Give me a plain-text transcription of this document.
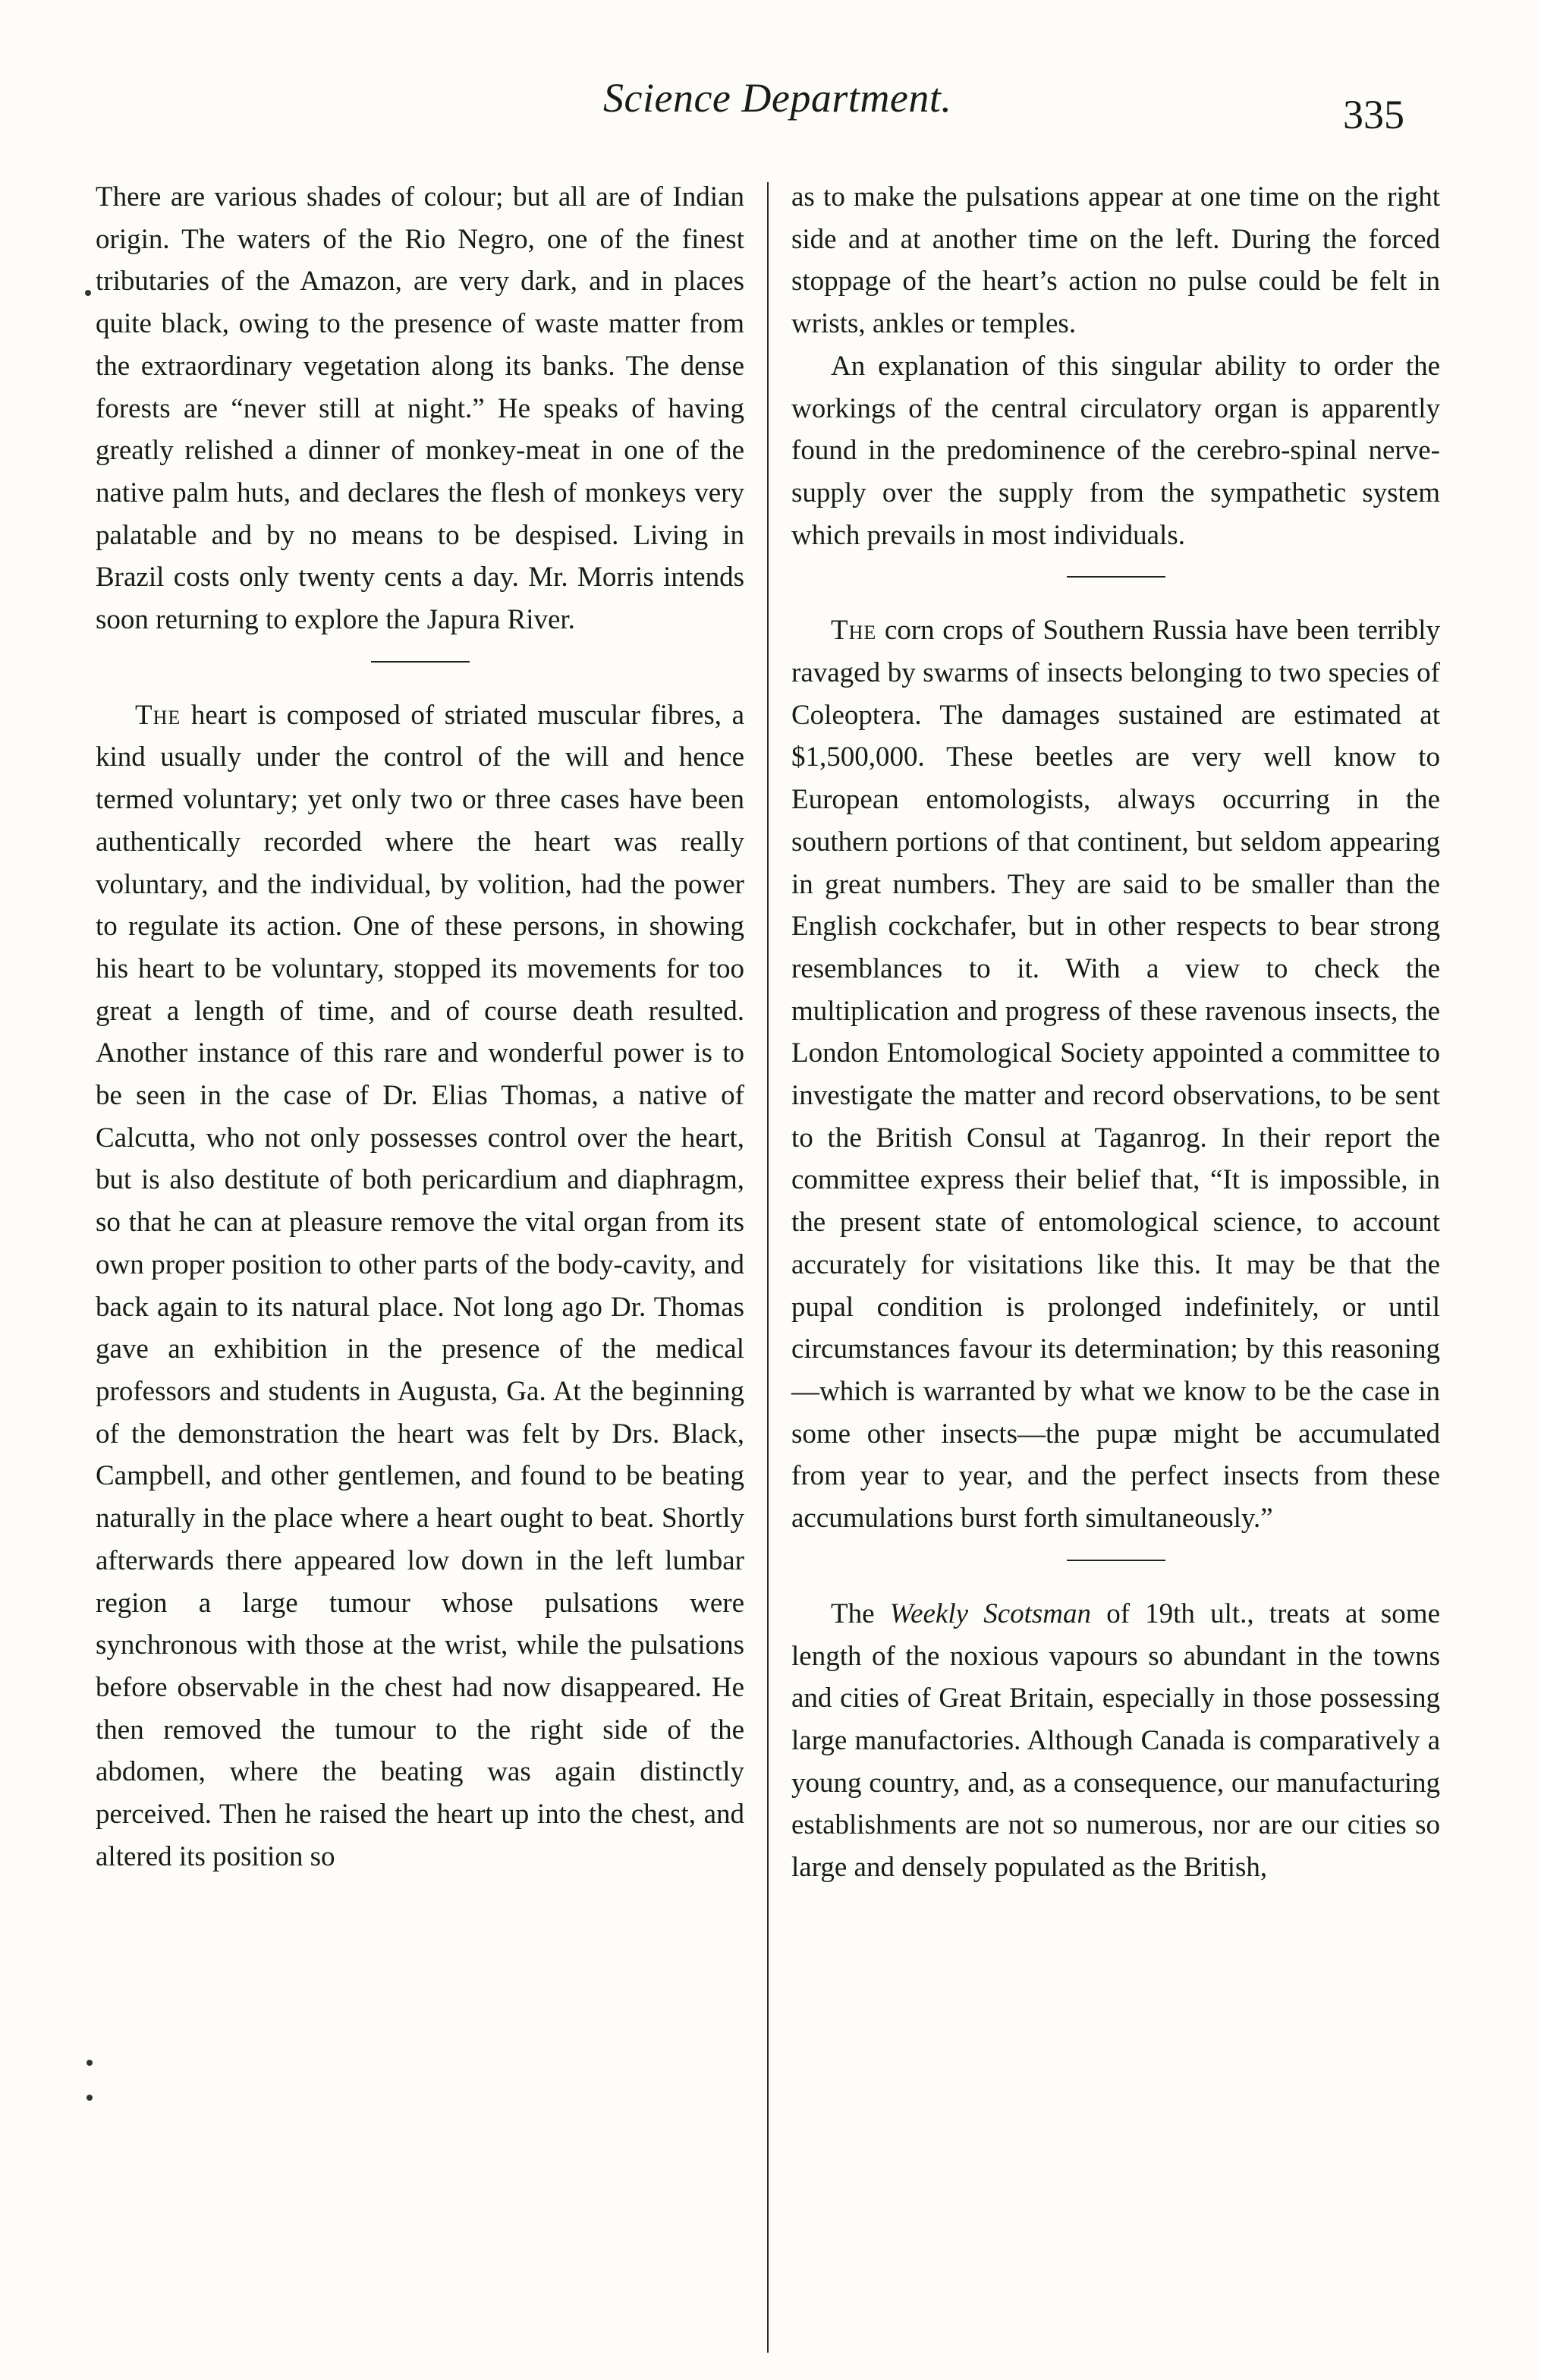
Science Department.	335

There are various shades of colour; but all are of Indian origin. The waters of the Rio Negro, one of the finest tributaries of the Amazon, are very dark, and in places quite black, owing to the presence of waste matter from the extraordinary vegetation along its banks. The dense forests are “never still at night.” He speaks of having greatly relished a dinner of monkey-meat in one of the native palm huts, and declares the flesh of monkeys very palatable and by no means to be despised. Living in Brazil costs only twenty cents a day. Mr. Morris intends soon returning to explore the Japura River.

The heart is composed of striated muscular fibres, a kind usually under the control of the will and hence termed voluntary; yet only two or three cases have been authentically recorded where the heart was really voluntary, and the individual, by volition, had the power to regulate its action. One of these persons, in showing his heart to be voluntary, stopped its movements for too great a length of time, and of course death resulted. Another instance of this rare and wonderful power is to be seen in the case of Dr. Elias Thomas, a native of Calcutta, who not only possesses control over the heart, but is also destitute of both pericardium and diaphragm, so that he can at pleasure remove the vital organ from its own proper position to other parts of the body-cavity, and back again to its natural place. Not long ago Dr. Thomas gave an exhibition in the presence of the medical professors and students in Augusta, Ga. At the beginning of the demonstration the heart was felt by Drs. Black, Campbell, and other gentlemen, and found to be beating naturally in the place where a heart ought to beat. Shortly afterwards there appeared low down in the left lumbar region a large tumour whose pulsations were synchronous with those at the wrist, while the pulsations before observable in the chest had now disappeared. He then removed the tumour to the right side of the abdomen, where the beating was again distinctly perceived. Then he raised the heart up into the chest, and altered its position so

as to make the pulsations appear at one time on the right side and at another time on the left. During the forced stoppage of the heart’s action no pulse could be felt in wrists, ankles or temples.

An explanation of this singular ability to order the workings of the central circulatory organ is apparently found in the predominence of the cerebro-spinal nerve-supply over the supply from the sympathetic system which prevails in most individuals.

The corn crops of Southern Russia have been terribly ravaged by swarms of insects belonging to two species of Coleoptera. The damages sustained are estimated at $1,500,000. These beetles are very well know to European entomologists, always occurring in the southern portions of that continent, but seldom appearing in great numbers. They are said to be smaller than the English cockchafer, but in other respects to bear strong resemblances to it. With a view to check the multiplication and progress of these ravenous insects, the London Entomological Society appointed a committee to investigate the matter and record observations, to be sent to the British Consul at Taganrog. In their report the committee express their belief that, “It is impossible, in the present state of entomological science, to account accurately for visitations like this. It may be that the pupal condition is prolonged indefinitely, or until circumstances favour its determination; by this reasoning—which is warranted by what we know to be the case in some other insects—the pupæ might be accumulated from year to year, and the perfect insects from these accumulations burst forth simultaneously.”

The Weekly Scotsman of 19th ult., treats at some length of the noxious vapours so abundant in the towns and cities of Great Britain, especially in those possessing large manufactories. Although Canada is comparatively a young country, and, as a consequence, our manufacturing establishments are not so numerous, nor are our cities so large and densely populated as the British,
